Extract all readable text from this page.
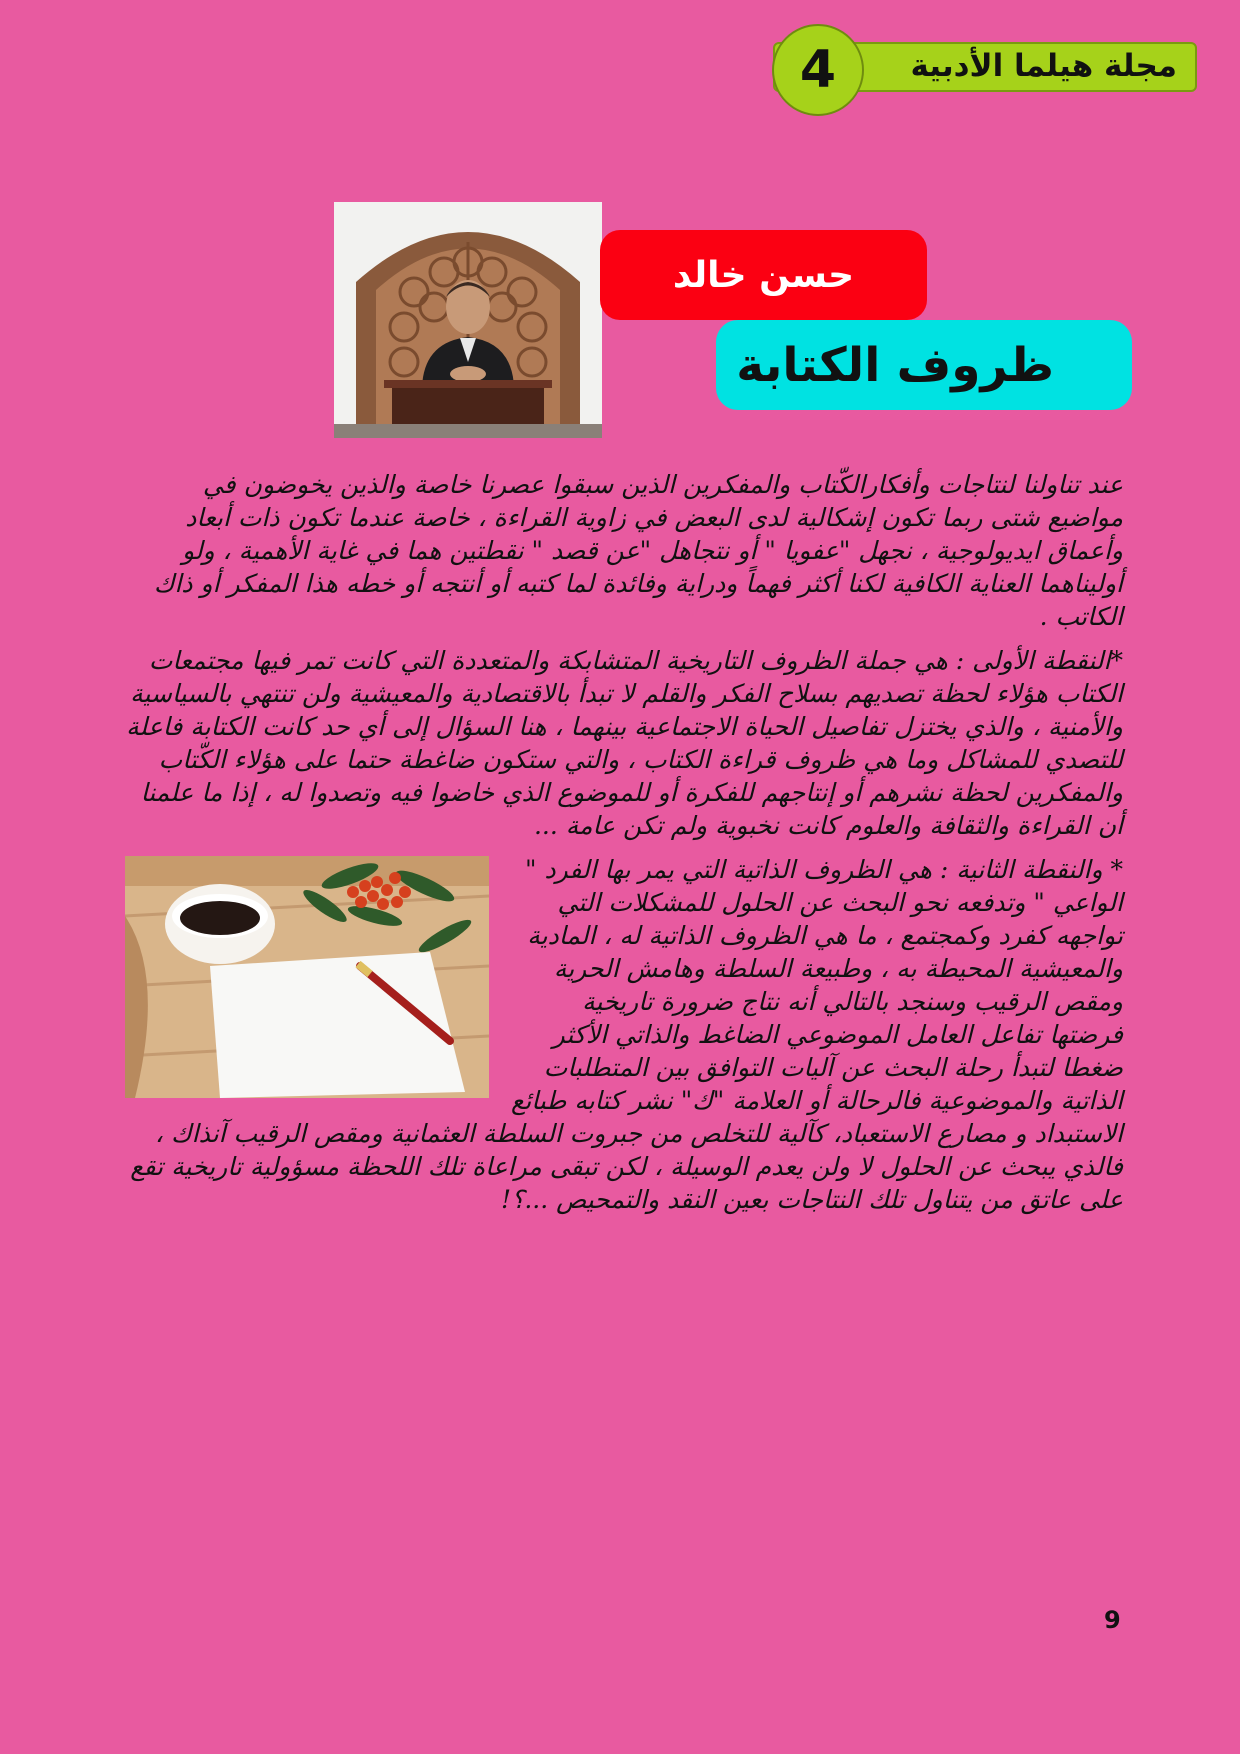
مجلة هيلما الأدبية
4
حسن خالد
ظروف الكتابة

عند تناولنا لنتاجات وأفكارالكّتاب والمفكرين الذين سبقوا عصرنا خاصة والذين يخوضون في مواضيع شتى ربما تكون إشكالية لدى البعض في زاوية القراءة ، خاصة عندما تكون ذات أبعاد وأعماق ايديولوجية ، نجهل "عفويا " أو نتجاهل "عن قصد " نقطتين هما في غاية الأهمية ، ولو أوليناهما العناية الكافية لكنا أكثر فهماً ودراية وفائدة لما كتبه أو أنتجه أو خطه هذا المفكر أو ذاك الكاتب .

*النقطة الأولى : هي جملة الظروف التاريخية المتشابكة والمتعددة التي كانت تمر فيها مجتمعات الكتاب هؤلاء لحظة تصديهم بسلاح الفكر والقلم لا تبدأ بالاقتصادية والمعيشية ولن تنتهي بالسياسية والأمنية ، والذي يختزل تفاصيل الحياة الاجتماعية بينهما ، هنا السؤال إلى أي حد كانت الكتابة فاعلة للتصدي للمشاكل وما هي ظروف قراءة الكتاب ، والتي ستكون ضاغطة حتما على هؤلاء الكّتاب والمفكرين لحظة نشرهم أو إنتاجهم للفكرة أو للموضوع الذي خاضوا فيه وتصدوا له ، إذا ما علمنا أن القراءة والثقافة والعلوم كانت نخبوية ولم تكن عامة ...

* والنقطة الثانية : هي الظروف الذاتية التي يمر بها الفرد " الواعي " وتدفعه نحو البحث عن الحلول للمشكلات التي تواجهه كفرد وكمجتمع ، ما هي الظروف الذاتية له ، المادية والمعيشية المحيطة به ، وطبيعة السلطة وهامش الحرية ومقص الرقيب وسنجد بالتالي أنه نتاج ضرورة تاريخية فرضتها تفاعل العامل الموضوعي الضاغط والذاتي الأكثر ضغطا لتبدأ رحلة البحث عن آليات التوافق بين المتطلبات الذاتية والموضوعية فالرحالة أو العلامة "ك" نشر كتابه طبائع الاستبداد و مصارع الاستعباد، كآلية للتخلص من جبروت السلطة العثمانية ومقص الرقيب آنذاك ، فالذي يبحث عن الحلول لا ولن يعدم الوسيلة ، لكن تبقى مراعاة تلك اللحظة مسؤولية تاريخية تقع على عاتق من يتناول تلك النتاجات بعين النقد والتمحيص ...؟!

9
